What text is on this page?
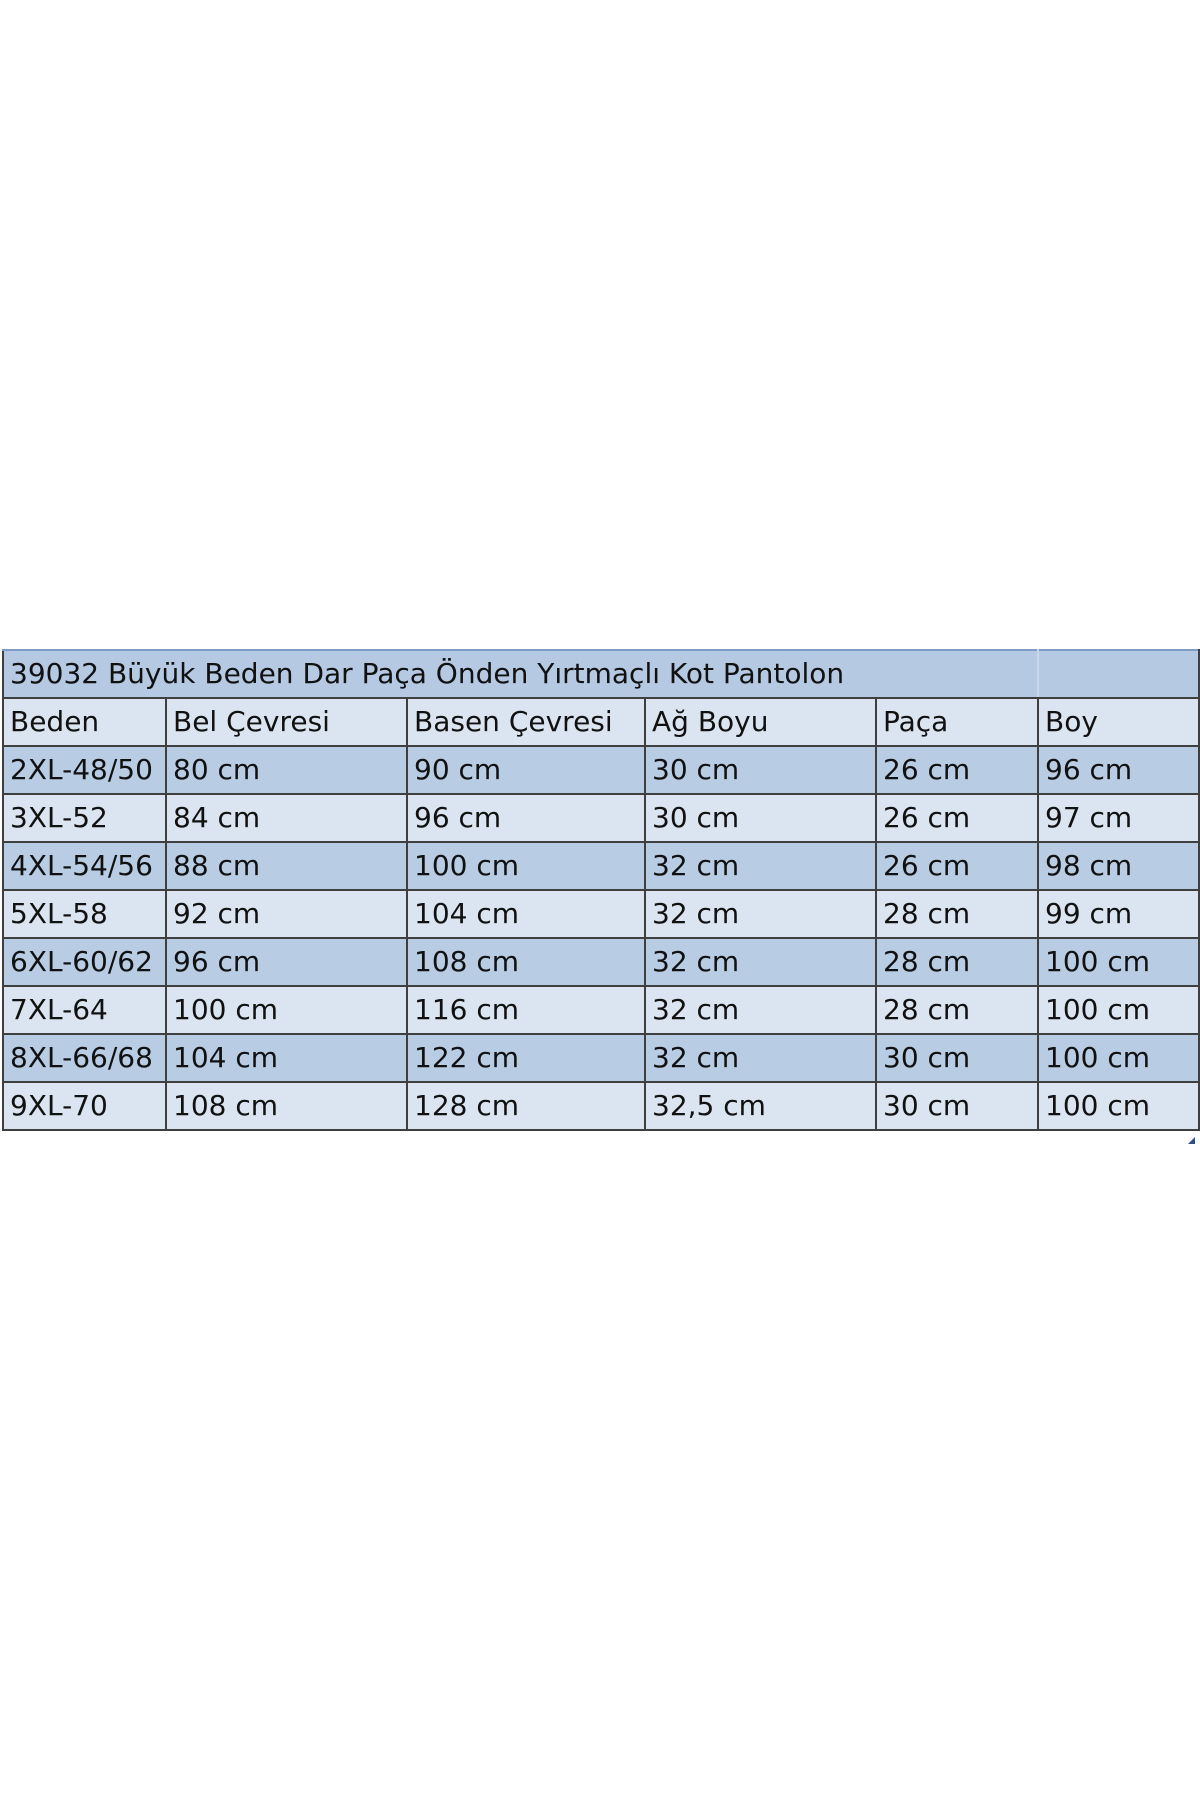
39032 Büyük Beden Dar Paça Önden Yırtmaçlı Kot Pantolon					
Beden	Bel Çevresi	Basen Çevresi	Ağ Boyu	Paça	Boy
2XL-48/50	80 cm	90 cm	30 cm	26 cm	96 cm
3XL-52	84 cm	96 cm	30 cm	26 cm	97 cm
4XL-54/56	88 cm	100 cm	32 cm	26 cm	98 cm
5XL-58	92 cm	104 cm	32 cm	28 cm	99 cm
6XL-60/62	96 cm	108 cm	32 cm	28 cm	100 cm
7XL-64	100 cm	116 cm	32 cm	28 cm	100 cm
8XL-66/68	104 cm	122 cm	32 cm	30 cm	100 cm
9XL-70	108 cm	128 cm	32,5 cm	30 cm	100 cm
